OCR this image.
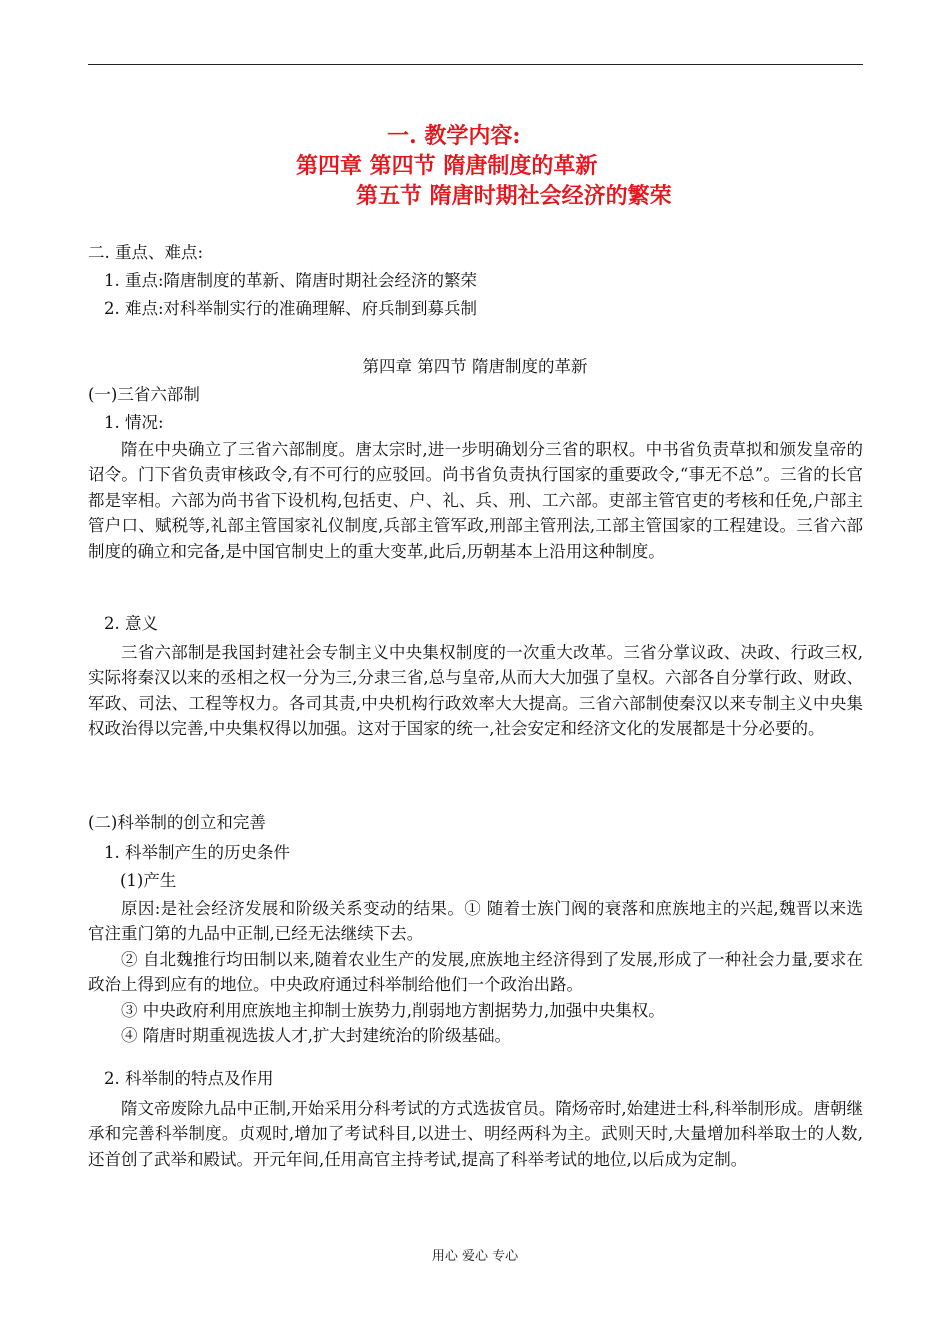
一. 教学内容:
第四章 第四节 隋唐制度的革新
第五节 隋唐时期社会经济的繁荣
二. 重点、难点:
1. 重点:隋唐制度的革新、隋唐时期社会经济的繁荣
2. 难点:对科举制实行的准确理解、府兵制到募兵制
第四章 第四节 隋唐制度的革新
(一)三省六部制
1. 情况:

隋在中央确立了三省六部制度。唐太宗时,进一步明确划分三省的职权。中书省负责草拟和颁发皇帝的诏令。门下省负责审核政令,有不可行的应驳回。尚书省负责执行国家的重要政令,“事无不总”。三省的长官都是宰相。六部为尚书省下设机构,包括吏、户、礼、兵、刑、工六部。吏部主管官吏的考核和任免,户部主管户口、赋税等,礼部主管国家礼仪制度,兵部主管军政,刑部主管刑法,工部主管国家的工程建设。三省六部制度的确立和完备,是中国官制史上的重大变革,此后,历朝基本上沿用这种制度。

2. 意义

三省六部制是我国封建社会专制主义中央集权制度的一次重大改革。三省分掌议政、决政、行政三权,实际将秦汉以来的丞相之权一分为三,分隶三省,总与皇帝,从而大大加强了皇权。六部各自分掌行政、财政、军政、司法、工程等权力。各司其责,中央机构行政效率大大提高。三省六部制使秦汉以来专制主义中央集权政治得以完善,中央集权得以加强。这对于国家的统一,社会安定和经济文化的发展都是十分必要的。

(二)科举制的创立和完善
1. 科举制产生的历史条件
(1)产生

原因:是社会经济发展和阶级关系变动的结果。① 随着士族门阀的衰落和庶族地主的兴起,魏晋以来选官注重门第的九品中正制,已经无法继续下去。

② 自北魏推行均田制以来,随着农业生产的发展,庶族地主经济得到了发展,形成了一种社会力量,要求在政治上得到应有的地位。中央政府通过科举制给他们一个政治出路。

③ 中央政府利用庶族地主抑制士族势力,削弱地方割据势力,加强中央集权。

④ 隋唐时期重视选拔人才,扩大封建统治的阶级基础。

2. 科举制的特点及作用

隋文帝废除九品中正制,开始采用分科考试的方式选拔官员。隋炀帝时,始建进士科,科举制形成。唐朝继承和完善科举制度。贞观时,增加了考试科目,以进士、明经两科为主。武则天时,大量增加科举取士的人数,还首创了武举和殿试。开元年间,任用高官主持考试,提高了科举考试的地位,以后成为定制。

用心 爱心 专心
